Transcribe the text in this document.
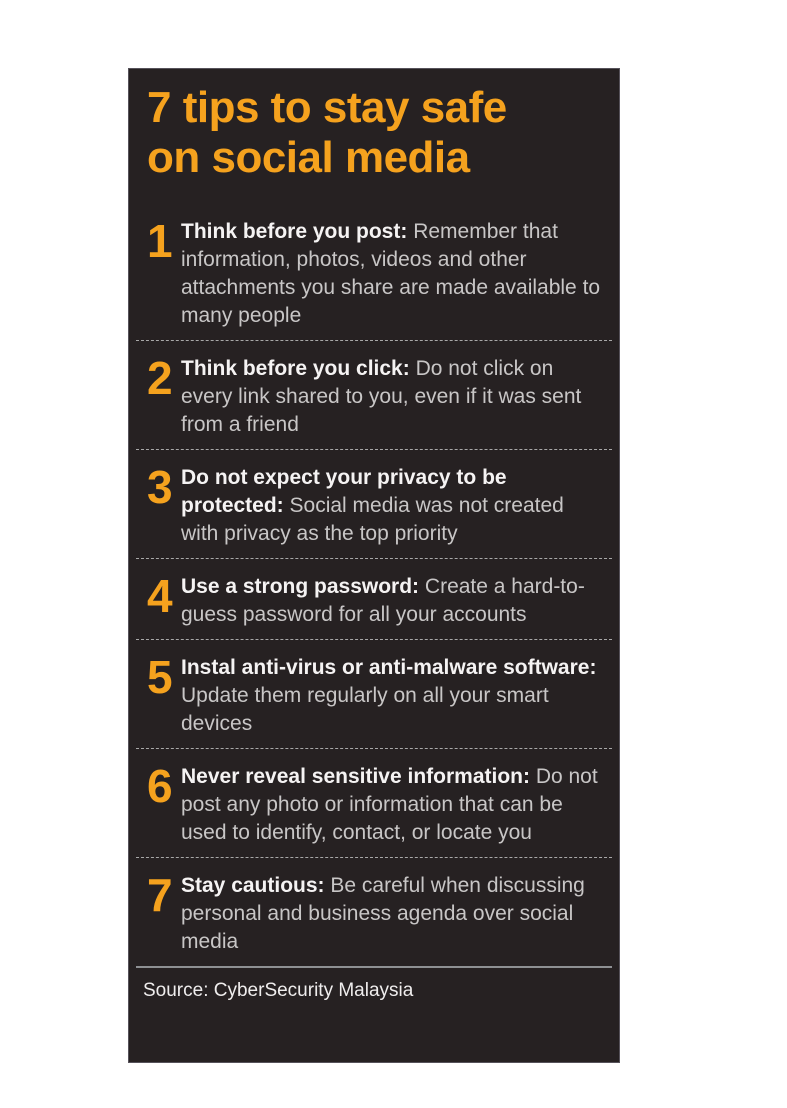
7 tips to stay safe
on social media
1 Think before you post: Remember that information, photos, videos and other attachments you share are made available to many people

2 Think before you click: Do not click on every link shared to you, even if it was sent from a friend

3 Do not expect your privacy to be protected: Social media was not created with privacy as the top priority

4 Use a strong password: Create a hard-to-guess password for all your accounts

5 Instal anti-virus or anti-malware software: Update them regularly on all your smart devices

6 Never reveal sensitive information: Do not post any photo or information that can be used to identify, contact, or locate you

7 Stay cautious: Be careful when discussing personal and business agenda over social media

Source: CyberSecurity Malaysia
